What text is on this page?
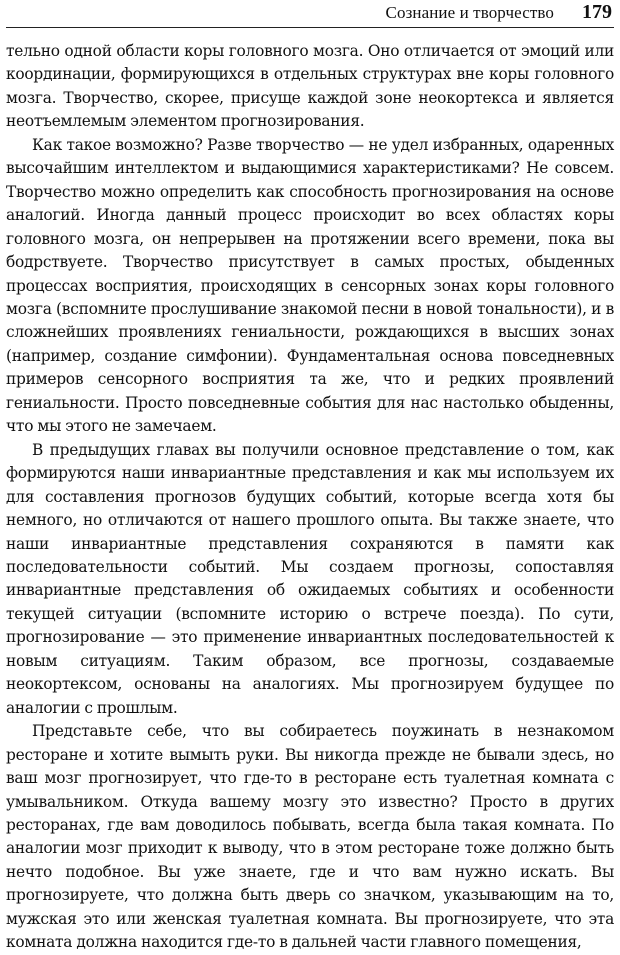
Сознание и творчество 179

тельно одной области коры головного мозга. Оно отличается от эмоций или координации, формирующихся в отдельных структурах вне коры головного мозга. Творчество, скорее, присуще каждой зоне неокортекса и является неотъемлемым элементом прогнозирования.

Как такое возможно? Разве творчество — не удел избранных, одаренных высочайшим интеллектом и выдающимися характеристиками? Не совсем. Творчество можно определить как способность прогнозирования на основе аналогий. Иногда данный процесс происходит во всех областях коры головного мозга, он непрерывен на протяжении всего времени, пока вы бодрствуете. Творчество присутствует в самых простых, обыденных процессах восприятия, происходящих в сенсорных зонах коры головного мозга (вспомните прослушивание знакомой песни в новой тональности), и в сложнейших проявлениях гениальности, рождающихся в высших зонах (например, создание симфонии). Фундаментальная основа повседневных примеров сенсорного восприятия та же, что и редких проявлений гениальности. Просто повседневные события для нас настолько обыденны, что мы этого не замечаем.

В предыдущих главах вы получили основное представление о том, как формируются наши инвариантные представления и как мы используем их для составления прогнозов будущих событий, которые всегда хотя бы немного, но отличаются от нашего прошлого опыта. Вы также знаете, что наши инвариантные представления сохраняются в памяти как последовательности событий. Мы создаем прогнозы, сопоставляя инвариантные представления об ожидаемых событиях и особенности текущей ситуации (вспомните историю о встрече поезда). По сути, прогнозирование — это применение инвариантных последовательностей к новым ситуациям. Таким образом, все прогнозы, создаваемые неокортексом, основаны на аналогиях. Мы прогнозируем будущее по аналогии с прошлым.

Представьте себе, что вы собираетесь поужинать в незнакомом ресторане и хотите вымыть руки. Вы никогда прежде не бывали здесь, но ваш мозг прогнозирует, что где-то в ресторане есть туалетная комната с умывальником. Откуда вашему мозгу это известно? Просто в других ресторанах, где вам доводилось побывать, всегда была такая комната. По аналогии мозг приходит к выводу, что в этом ресторане тоже должно быть нечто подобное. Вы уже знаете, где и что вам нужно искать. Вы прогнозируете, что должна быть дверь со значком, указывающим на то, мужская это или женская туалетная комната. Вы прогнозируете, что эта комната должна находится где-то в дальней части главного помещения,
